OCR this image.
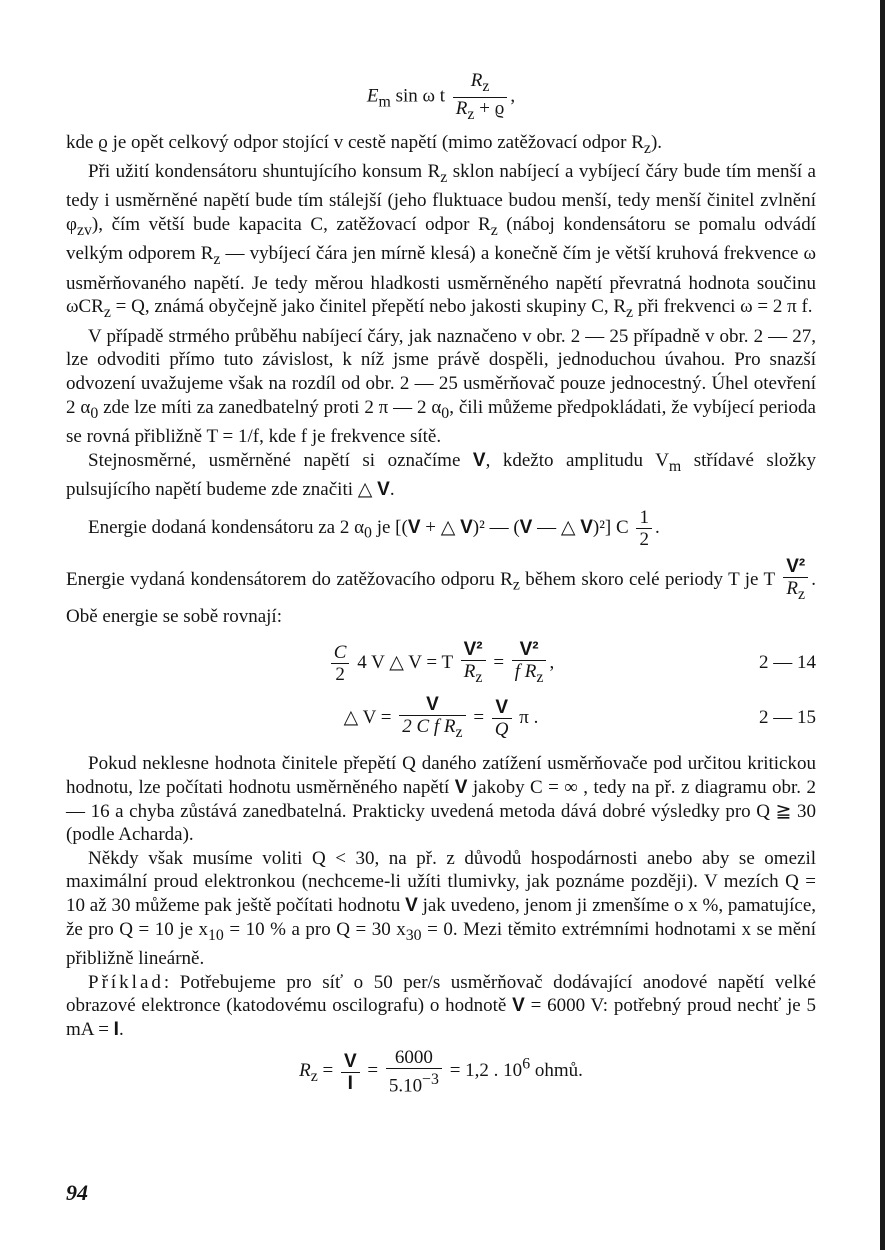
$E_m$ sin ω t $\frac{R_z}{R_z + ϱ}$ ,

kde ϱ je opět celkový odpor stojící v cestě napětí (mimo zatěžovací odpor $R_z$).

Při užití kondensátoru shuntujícího konsum $R_z$ sklon nabíjecí a vybíjecí čáry bude tím menší a tedy i usměrněné napětí bude tím stálejší (jeho fluktuace budou menší, tedy menší činitel zvlnění $\varphi_{zv}$), čím větší bude kapacita C, zatěžovací odpor $R_z$ (náboj kondensátoru se pomalu odvádí velkým odporem $R_z$ — vybíjecí čára jen mírně klesá) a konečně čím je větší kruhová frekvence ω usměrňovaného napětí. Je tedy měrou hladkosti usměrněného napětí převratná hodnota součinu ωCR$_z$ = Q, známá obyčejně jako činitel přepětí nebo jakosti skupiny C, $R_z$ při frekvenci ω = 2 π f.

V případě strmého průběhu nabíjecí čáry, jak naznačeno v obr. 2 — 25 případně v obr. 2 — 27, lze odvoditi přímo tuto závislost, k níž jsme právě dospěli, jednoduchou úvahou. Pro snazší odvození uvažujeme však na rozdíl od obr. 2 — 25 usměrňovač pouze jednocestný. Úhel otevření 2 $\alpha_0$ zde lze míti za zanedbatelný proti 2 π — 2 $\alpha_0$, čili můžeme předpokládati, že vybíjecí perioda se rovná přibližně T = 1/f, kde f je frekvence sítě.

Stejnosměrné, usměrněné napětí si označíme V, kdežto amplitudu $V_m$ střídavé složky pulsujícího napětí budeme zde značiti △ V.

Energie dodaná kondensátoru za 2 $\alpha_0$ je [(V + △ V)² — (V — △ V)²] C $\frac{1}{2}$ .

Energie vydaná kondensátorem do zatěžovacího odporu $R_z$ během skoro celé periody T je T $\frac{\text{V²}}{R_z}$ . Obě energie se sobě rovnají:

$\frac{C}{2} 4$ V △ V = T $\frac{\text{V²}}{R_z} = \frac{\text{V²}}{f R_z}$ ,	2 — 14
△ $V = \frac{V}{2 C f R_z} = \frac{V}{Q}$ π .	2 — 15

Pokud neklesne hodnota činitele přepětí Q daného zatížení usměrňovače pod určitou kritickou hodnotu, lze počítati hodnotu usměrněného napětí V jakoby C = ∞ , tedy na př. z diagramu obr. 2 — 16 a chyba zůstává zanedbatelná. Prakticky uvedená metoda dává dobré výsledky pro Q ≧ 30 (podle Acharda).

Někdy však musíme voliti Q < 30, na př. z důvodů hospodárnosti anebo aby se omezil maximální proud elektronkou (nechceme-li užíti tlumivky, jak poznáme později). V mezích Q = 10 až 30 můžeme pak ještě počítati hodnotu V jak uvedeno, jenom ji zmenšíme o x %, pamatujíce, že pro Q = 10 je $x_{10} = 10$ % a pro Q = 30 $x_{30} = 0$. Mezi těmito extrémními hodnotami x se mění přibližně lineárně.

Příklad: Potřebujeme pro síť o 50 per/s usměrňovač dodávající anodové napětí velké obrazové elektronce (katodovému oscilografu) o hodnotě V = 6000 V: potřebný proud nechť je 5 mA = I.

$R_z = \frac{V}{I} = \frac{6000}{5.10^{-3}} = 1,2$ . $10^6$ ohmů.
94
